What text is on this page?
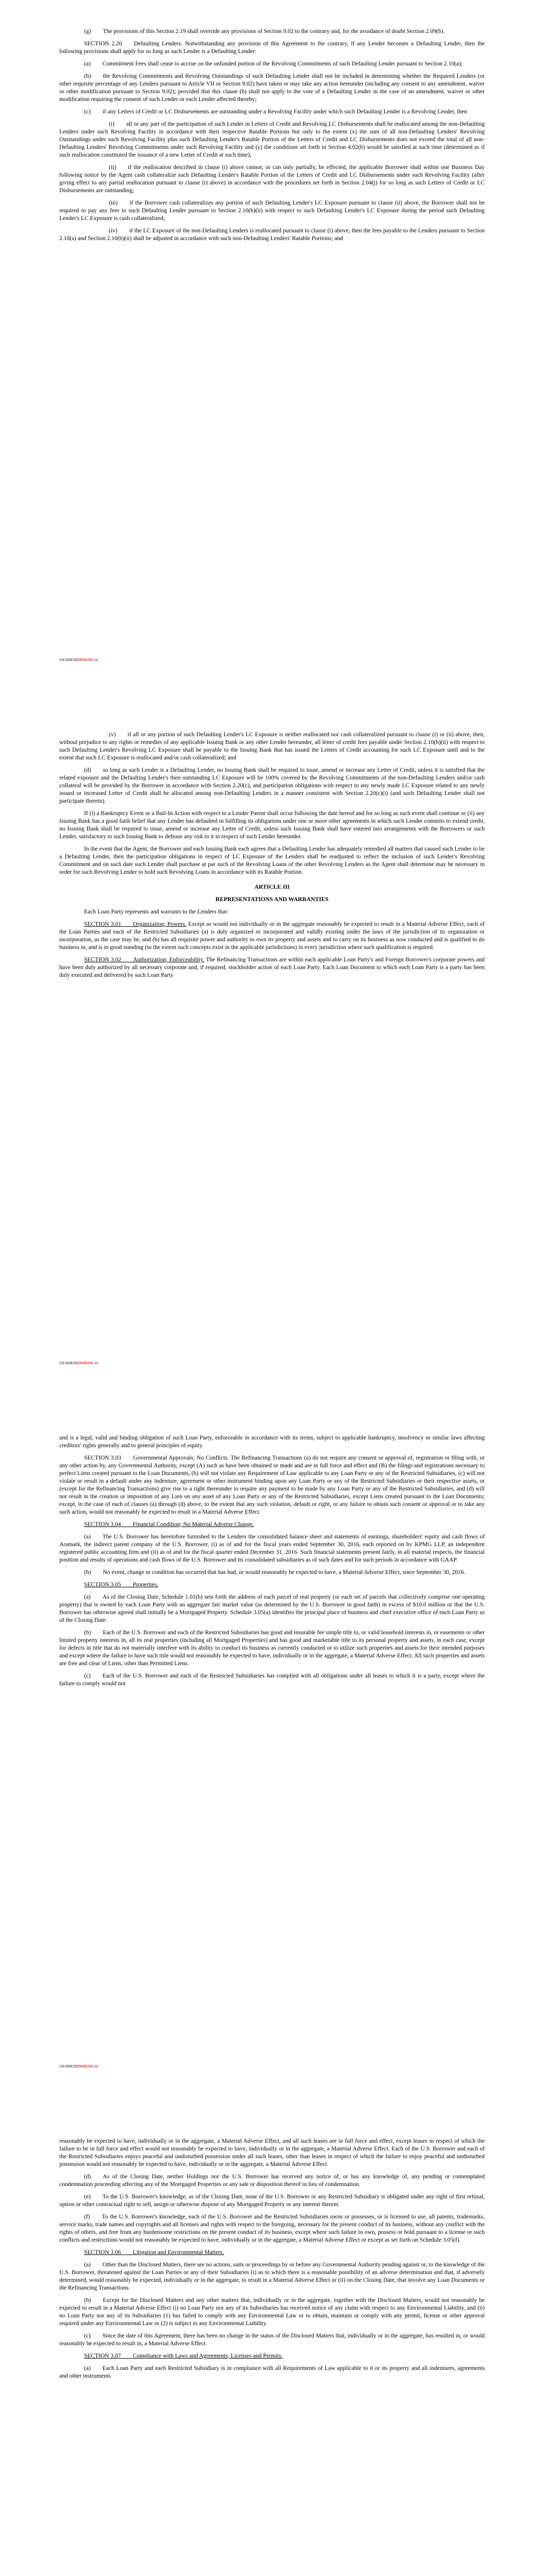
(g)  The provisions of this Section 2.19 shall override any provisions of Section 9.02 to the contrary and, for the avoidance of doubt Section 2.09(b).

SECTION 2.20  Defaulting Lenders. Notwithstanding any provision of this Agreement to the contrary, if any Lender becomes a Defaulting Lender, then the following provisions shall apply for so long as such Lender is a Defaulting Lender:

(a)  Commitment Fees shall cease to accrue on the unfunded portion of the Revolving Commitments of such Defaulting Lender pursuant to Section 2.10(a);

(b)  the Revolving Commitments and Revolving Outstandings of such Defaulting Lender shall not be included in determining whether the Required Lenders (or other requisite percentage of any Lenders pursuant to Article VII or Section 9.02) have taken or may take any action hereunder (including any consent to any amendment, waiver or other modification pursuant to Section 9.02); provided that this clause (b) shall not apply to the vote of a Defaulting Lender in the case of an amendment, waiver or other modification requiring the consent of such Lender or each Lender affected thereby;

(c)  if any Letters of Credit or LC Disbursements are outstanding under a Revolving Facility under which such Defaulting Lender is a Revolving Lender, then

(i)  all or any part of the participation of such Lender in Letters of Credit and Revolving LC Disbursements shall be reallocated among the non-Defaulting Lenders under such Revolving Facility in accordance with their respective Ratable Portions but only to the extent (x) the sum of all non-Defaulting Lenders' Revolving Outstandings under such Revolving Facility plus such Defaulting Lender's Ratable Portion of the Letters of Credit and LC Disbursements does not exceed the total of all non-Defaulting Lenders' Revolving Commitments under such Revolving Facility and (y) the conditions set forth in Section 4.02(b) would be satisfied at such time (determined as if such reallocation constituted the issuance of a new Letter of Credit at such time);

(ii)  if the reallocation described in clause (i) above cannot, or can only partially, be effected, the applicable Borrower shall within one Business Day following notice by the Agent cash collateralize such Defaulting Lender's Ratable Portion of the Letters of Credit and LC Disbursements under such Revolving Facility (after giving effect to any partial reallocation pursuant to clause (i) above) in accordance with the procedures set forth in Section 2.04(j) for so long as such Letters of Credit or LC Disbursements are outstanding;

(iii)  if the Borrower cash collateralizes any portion of such Defaulting Lender's LC Exposure pursuant to clause (ii) above, the Borrower shall not be required to pay any fees to such Defaulting Lender pursuant to Section 2.10(b)(ii) with respect to such Defaulting Lender's LC Exposure during the period such Defaulting Lender's LC Exposure is cash collateralized;

(iv)  if the LC Exposure of the non-Defaulting Lenders is reallocated pursuant to clause (i) above, then the fees payable to the Lenders pursuant to Section 2.10(a) and Section 2.10(b)(ii) shall be adjusted in accordance with such non-Defaulting Lenders' Ratable Portions; and

US-DOCS\89588268.14

(v)  if all or any portion of such Defaulting Lender's LC Exposure is neither reallocated nor cash collateralized pursuant to clause (i) or (ii) above, then, without prejudice to any rights or remedies of any applicable Issuing Bank or any other Lender hereunder, all letter of credit fees payable under Section 2.10(b)(ii) with respect to such Defaulting Lender's Revolving LC Exposure shall be payable to the Issuing Bank that has issued the Letters of Credit accounting for such LC Exposure until and to the extent that such LC Exposure is reallocated and/or cash collateralized; and

(d)  so long as such Lender is a Defaulting Lender, no Issuing Bank shall be required to issue, amend or increase any Letter of Credit, unless it is satisfied that the related exposure and the Defaulting Lender's then outstanding LC Exposure will be 100% covered by the Revolving Commitments of the non-Defaulting Lenders and/or cash collateral will be provided by the Borrower in accordance with Section 2.20(c), and participation obligations with respect to any newly made LC Exposure related to any newly issued or increased Letter of Credit shall be allocated among non-Defaulting Lenders in a manner consistent with Section 2.20(c)(i) (and such Defaulting Lender shall not participate therein).

If (i) a Bankruptcy Event or a Bail-In Action with respect to a Lender Parent shall occur following the date hereof and for so long as such event shall continue or (ii) any Issuing Bank has a good faith belief that any Lender has defaulted in fulfilling its obligations under one or more other agreements in which such Lender commits to extend credit, no Issuing Bank shall be required to issue, amend or increase any Letter of Credit, unless such Issuing Bank shall have entered into arrangements with the Borrowers or such Lender, satisfactory to such Issuing Bank to defease any risk to it in respect of such Lender hereunder.

In the event that the Agent, the Borrower and each Issuing Bank each agrees that a Defaulting Lender has adequately remedied all matters that caused such Lender to be a Defaulting Lender, then the participation obligations in respect of LC Exposure of the Lenders shall be readjusted to reflect the inclusion of such Lender's Revolving Commitment and on such date such Lender shall purchase at par such of the Revolving Loans of the other Revolving Lenders as the Agent shall determine may be necessary in order for such Revolving Lender to hold such Revolving Loans in accordance with its Ratable Portion.

ARTICLE III

REPRESENTATIONS AND WARRANTIES

Each Loan Party represents and warrants to the Lenders that:

SECTION 3.01  Organization; Powers. Except as would not individually or in the aggregate reasonably be expected to result in a Material Adverse Effect, each of the Loan Parties and each of the Restricted Subsidiaries (a) is duly organized or incorporated and validly existing under the laws of the jurisdiction of its organization or incorporation, as the case may be, and (b) has all requisite power and authority to own its property and assets and to carry on its business as now conducted and is qualified to do business in, and is in good standing (to the extent such concepts exist in the applicable jurisdictions) in every jurisdiction where such qualification is required.

SECTION 3.02  Authorization; Enforceability. The Refinancing Transactions are within each applicable Loan Party's and Foreign Borrower's corporate powers and have been duly authorized by all necessary corporate and, if required, stockholder action of each Loan Party. Each Loan Document to which each Loan Party is a party has been duly executed and delivered by such Loan Party

US-DOCS\89588268.14

and is a legal, valid and binding obligation of such Loan Party, enforceable in accordance with its terms, subject to applicable bankruptcy, insolvency or similar laws affecting creditors' rights generally and to general principles of equity.

SECTION 3.03  Governmental Approvals; No Conflicts. The Refinancing Transactions (a) do not require any consent or approval of, registration or filing with, or any other action by, any Governmental Authority, except (A) such as have been obtained or made and are in full force and effect and (B) the filings and registrations necessary to perfect Liens created pursuant to the Loan Documents, (b) will not violate any Requirement of Law applicable to any Loan Party or any of the Restricted Subsidiaries, (c) will not violate or result in a default under any indenture, agreement or other instrument binding upon any Loan Party or any of the Restricted Subsidiaries or their respective assets, or (except for the Refinancing Transactions) give rise to a right thereunder to require any payment to be made by any Loan Party or any of the Restricted Subsidiaries, and (d) will not result in the creation or imposition of any Lien on any asset of any Loan Party or any of the Restricted Subsidiaries, except Liens created pursuant to the Loan Documents; except, in the case of each of clauses (a) through (d) above, to the extent that any such violation, default or right, or any failure to obtain such consent or approval or to take any such action, would not reasonably be expected to result in a Material Adverse Effect.

SECTION 3.04  Financial Condition; No Material Adverse Change.

(a)  The U.S. Borrower has heretofore furnished to the Lenders the consolidated balance sheet and statements of earnings, shareholders' equity and cash flows of Aramark, the indirect parent company of the U.S. Borrower, (i) as of and for the fiscal years ended September 30, 2016, each reported on by KPMG LLP, an independent registered public accounting firm and (ii) as of and for the fiscal quarter ended December 31, 2016. Such financial statements present fairly, in all material respects, the financial position and results of operations and cash flows of the U.S. Borrower and its consolidated subsidiaries as of such dates and for such periods in accordance with GAAP.

(b)  No event, change or condition has occurred that has had, or would reasonably be expected to have, a Material Adverse Effect, since September 30, 2016.

SECTION 3.05  Properties.

(a)  As of the Closing Date, Schedule 1.01(b) sets forth the address of each parcel of real property (or each set of parcels that collectively comprise one operating property) that is owned by each Loan Party with an aggregate fair market value (as determined by the U.S. Borrower in good faith) in excess of $10.0 million or that the U.S. Borrower has otherwise agreed shall initially be a Mortgaged Property. Schedule 3.05(a) identifies the principal place of business and chief executive office of each Loan Party as of the Closing Date.

(b)  Each of the U.S. Borrower and each of the Restricted Subsidiaries has good and insurable fee simple title to, or valid leasehold interests in, or easements or other limited property interests in, all its real properties (including all Mortgaged Properties) and has good and marketable title to its personal property and assets, in each case, except for defects in title that do not materially interfere with its ability to conduct its business as currently conducted or to utilize such properties and assets for their intended purposes and except where the failure to have such title would not reasonably be expected to have, individually or in the aggregate, a Material Adverse Effect. All such properties and assets are free and clear of Liens, other than Permitted Liens.

(c)  Each of the U.S. Borrower and each of the Restricted Subsidiaries has complied with all obligations under all leases to which it is a party, except where the failure to comply would not

US-DOCS\89588268.14

reasonably be expected to have, individually or in the aggregate, a Material Adverse Effect, and all such leases are in full force and effect, except leases in respect of which the failure to be in full force and effect would not reasonably be expected to have, individually or in the aggregate, a Material Adverse Effect. Each of the U.S. Borrower and each of the Restricted Subsidiaries enjoys peaceful and undisturbed possession under all such leases, other than leases in respect of which the failure to enjoy peaceful and undisturbed possession would not reasonably be expected to have, individually or in the aggregate, a Material Adverse Effect.

(d)  As of the Closing Date, neither Holdings nor the U.S. Borrower has received any notice of, or has any knowledge of, any pending or contemplated condemnation proceeding affecting any of the Mortgaged Properties or any sale or disposition thereof in lieu of condemnation.

(e)  To the U.S. Borrower's knowledge, as of the Closing Date, none of the U.S. Borrower or any Restricted Subsidiary is obligated under any right of first refusal, option or other contractual right to sell, assign or otherwise dispose of any Mortgaged Property or any interest therein.

(f)  To the U.S. Borrower's knowledge, each of the U.S. Borrower and the Restricted Subsidiaries owns or possesses, or is licensed to use, all patents, trademarks, service marks, trade names and copyrights and all licenses and rights with respect to the foregoing, necessary for the present conduct of its business, without any conflict with the rights of others, and free from any burdensome restrictions on the present conduct of its business, except where such failure to own, possess or hold pursuant to a license or such conflicts and restrictions would not reasonably be expected to have, individually or in the aggregate, a Material Adverse Effect or except as set forth on Schedule 3.05(f).

SECTION 3.06  Litigation and Environmental Matters.

(a)  Other than the Disclosed Matters, there are no actions, suits or proceedings by or before any Governmental Authority pending against or, to the knowledge of the U.S. Borrower, threatened against the Loan Parties or any of their Subsidiaries (i) as to which there is a reasonable possibility of an adverse determination and that, if adversely determined, would reasonably be expected, individually or in the aggregate, to result in a Material Adverse Effect or (ii) on the Closing Date, that involve any Loan Documents or the Refinancing Transactions.

(b)  Except for the Disclosed Matters and any other matters that, individually or in the aggregate, together with the Disclosed Matters, would not reasonably be expected to result in a Material Adverse Effect (i) no Loan Party nor any of its Subsidiaries has received notice of any claim with respect to any Environmental Liability, and (ii) no Loan Party nor any of its Subsidiaries (1) has failed to comply with any Environmental Law or to obtain, maintain or comply with any permit, license or other approval required under any Environmental Law or (2) is subject to any Environmental Liability.

(c)  Since the date of this Agreement, there has been no change in the status of the Disclosed Matters that, individually or in the aggregate, has resulted in, or would reasonably be expected to result in, a Material Adverse Effect.

SECTION 3.07  Compliance with Laws and Agreements; Licenses and Permits.

(a)  Each Loan Party and each Restricted Subsidiary is in compliance with all Requirements of Law applicable to it or its property and all indentures, agreements and other instruments
